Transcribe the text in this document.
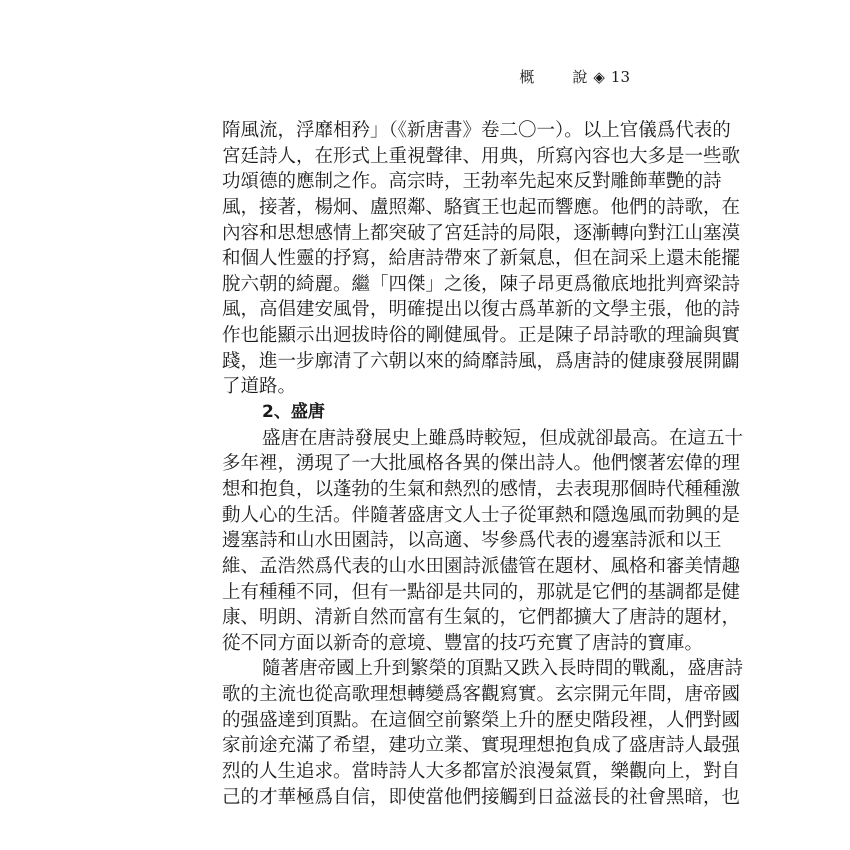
概	說 ◈ 13
隋風流，浮靡相矜」（《新唐書》卷二〇一）。以上官儀爲代表的
宮廷詩人，在形式上重視聲律、用典，所寫內容也大多是一些歌
功頌德的應制之作。高宗時，王勃率先起來反對雕飾華艷的詩
風，接著，楊炯、盧照鄰、駱賓王也起而響應。他們的詩歌，在
內容和思想感情上都突破了宮廷詩的局限，逐漸轉向對江山塞漠
和個人性靈的抒寫，給唐詩帶來了新氣息，但在詞采上還未能擺
脫六朝的綺麗。繼「四傑」之後，陳子昂更爲徹底地批判齊梁詩
風，高倡建安風骨，明確提出以復古爲革新的文學主張，他的詩
作也能顯示出迥拔時俗的剛健風骨。正是陳子昂詩歌的理論與實
踐，進一步廓清了六朝以來的綺靡詩風，爲唐詩的健康發展開闢
了道路。
2、盛唐
盛唐在唐詩發展史上雖爲時較短，但成就卻最高。在這五十
多年裡，湧現了一大批風格各異的傑出詩人。他們懷著宏偉的理
想和抱負，以蓬勃的生氣和熱烈的感情，去表現那個時代種種激
動人心的生活。伴隨著盛唐文人士子從軍熱和隱逸風而勃興的是
邊塞詩和山水田園詩，以高適、岑參爲代表的邊塞詩派和以王
維、孟浩然爲代表的山水田園詩派儘管在題材、風格和審美情趣
上有種種不同，但有一點卻是共同的，那就是它們的基調都是健
康、明朗、清新自然而富有生氣的，它們都擴大了唐詩的題材，
從不同方面以新奇的意境、豐富的技巧充實了唐詩的寶庫。
隨著唐帝國上升到繁榮的頂點又跌入長時間的戰亂，盛唐詩
歌的主流也從高歌理想轉變爲客觀寫實。玄宗開元年間，唐帝國
的强盛達到頂點。在這個空前繁榮上升的歷史階段裡，人們對國
家前途充滿了希望，建功立業、實現理想抱負成了盛唐詩人最强
烈的人生追求。當時詩人大多都富於浪漫氣質，樂觀向上，對自
己的才華極爲自信，即使當他們接觸到日益滋長的社會黑暗，也
